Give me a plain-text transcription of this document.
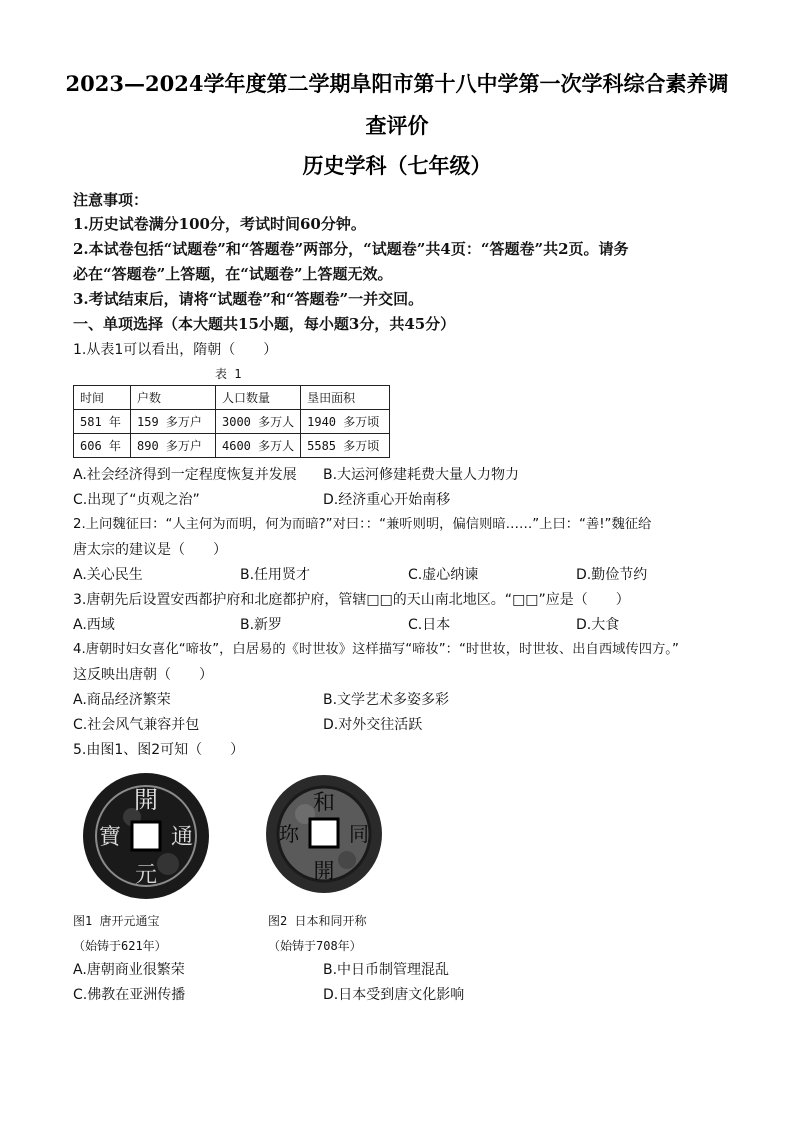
2023—2024学年度第二学期阜阳市第十八中学第一次学科综合素养调
查评价
历史学科（七年级）
注意事项：
1.历史试卷满分100分，考试时间60分钟。
2.本试卷包括“试题卷”和“答题卷”两部分，“试题卷”共4页：“答题卷”共2页。请务
必在“答题卷”上答题，在“试题卷”上答题无效。
3.考试结束后，请将“试题卷”和“答题卷”一并交回。
一、单项选择（本大题共15小题，每小题3分，共45分）
1.从表1可以看出，隋朝（　　）
表 1
时间	户数	人口数量	垦田面积
581 年	159 多万户	3000 多万人	1940 多万顷
606 年	890 多万户	4600 多万人	5585 多万顷
A.社会经济得到一定程度恢复并发展 B.大运河修建耗费大量人力物力
C.出现了“贞观之治”	D.经济重心开始南移
2.上问魏征曰：“人主何为而明，何为而暗?”对曰：：“兼听则明，偏信则暗……”上曰：“善!”魏征给
唐太宗的建议是（　　）
A.关心民生	B.任用贤才	C.虚心纳谏	D.勤俭节约
3.唐朝先后设置安西都护府和北庭都护府，管辖□□的天山南北地区。“□□”应是（　　）
A.西域	B.新罗	C.日本	D.大食
4.唐朝时妇女喜化“啼妆”，白居易的《时世妆》这样描写“啼妆”：“时世妆，时世妆、出自西域传四方。”
这反映出唐朝（　　）
A.商品经济繁荣	B.文学艺术多姿多彩
C.社会风气兼容并包	D.对外交往活跃
5.由图1、图2可知（　　）
開
元
通
寶
和
同
開
珎
图1 唐开元通宝
（始铸于621年）
图2 日本和同开称
（始铸于708年）
A.唐朝商业很繁荣	B.中日币制管理混乱
C.佛教在亚洲传播	D.日本受到唐文化影响
